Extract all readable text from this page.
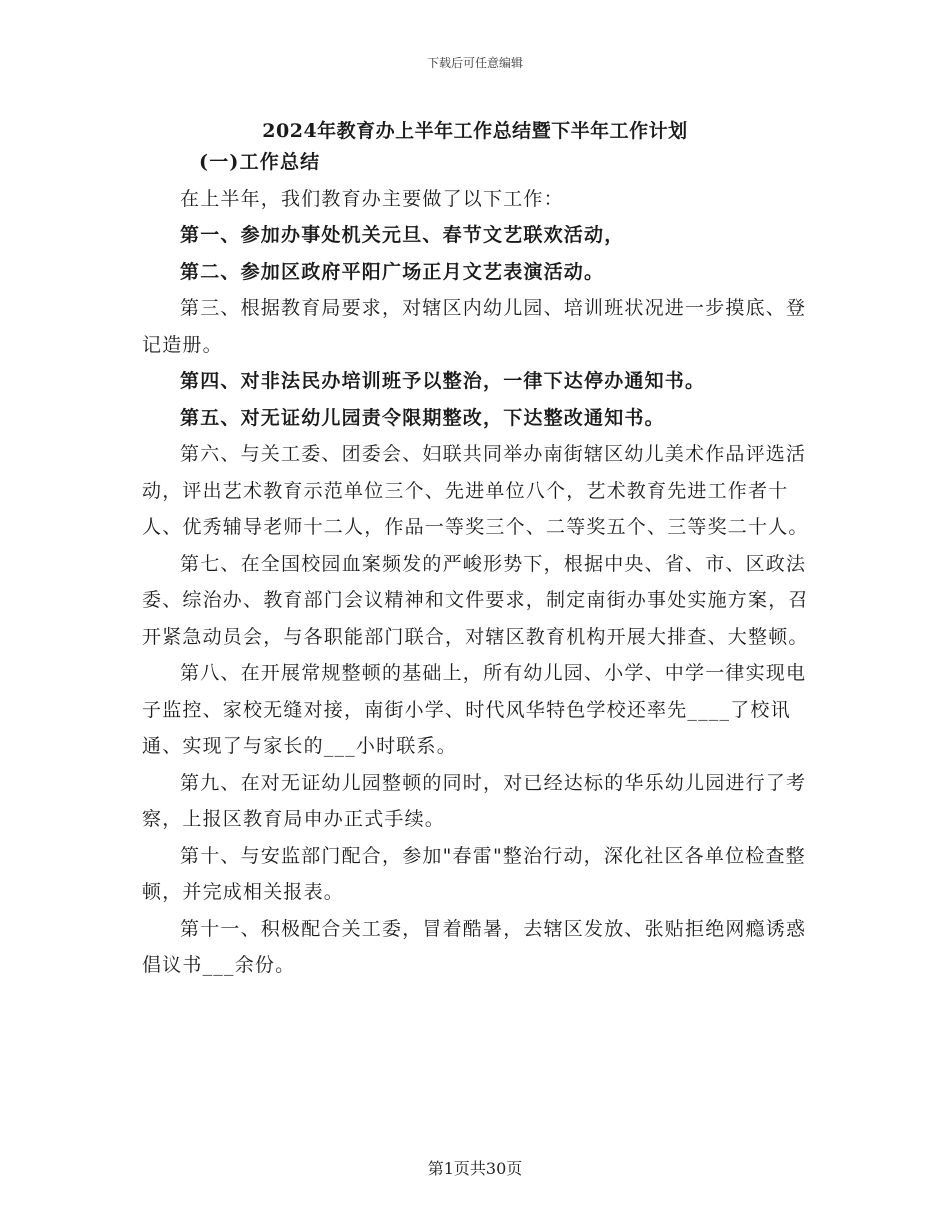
下载后可任意编辑
2024年教育办上半年工作总结暨下半年工作计划

(一)工作总结

在上半年，我们教育办主要做了以下工作：

第一、参加办事处机关元旦、春节文艺联欢活动，

第二、参加区政府平阳广场正月文艺表演活动。

第三、根据教育局要求，对辖区内幼儿园、培训班状况进一步摸底、登记造册。

第四、对非法民办培训班予以整治，一律下达停办通知书。

第五、对无证幼儿园责令限期整改，下达整改通知书。

第六、与关工委、团委会、妇联共同举办南街辖区幼儿美术作品评选活动，评出艺术教育示范单位三个、先进单位八个，艺术教育先进工作者十人、优秀辅导老师十二人，作品一等奖三个、二等奖五个、三等奖二十人。

第七、在全国校园血案频发的严峻形势下，根据中央、省、市、区政法委、综治办、教育部门会议精神和文件要求，制定南街办事处实施方案，召开紧急动员会，与各职能部门联合，对辖区教育机构开展大排查、大整顿。

第八、在开展常规整顿的基础上，所有幼儿园、小学、中学一律实现电子监控、家校无缝对接，南街小学、时代风华特色学校还率先____了校讯通、实现了与家长的___小时联系。

第九、在对无证幼儿园整顿的同时，对已经达标的华乐幼儿园进行了考察，上报区教育局申办正式手续。

第十、与安监部门配合，参加"春雷"整治行动，深化社区各单位检查整顿，并完成相关报表。

第十一、积极配合关工委，冒着酷暑，去辖区发放、张贴拒绝网瘾诱惑倡议书___余份。

第1页共30页
